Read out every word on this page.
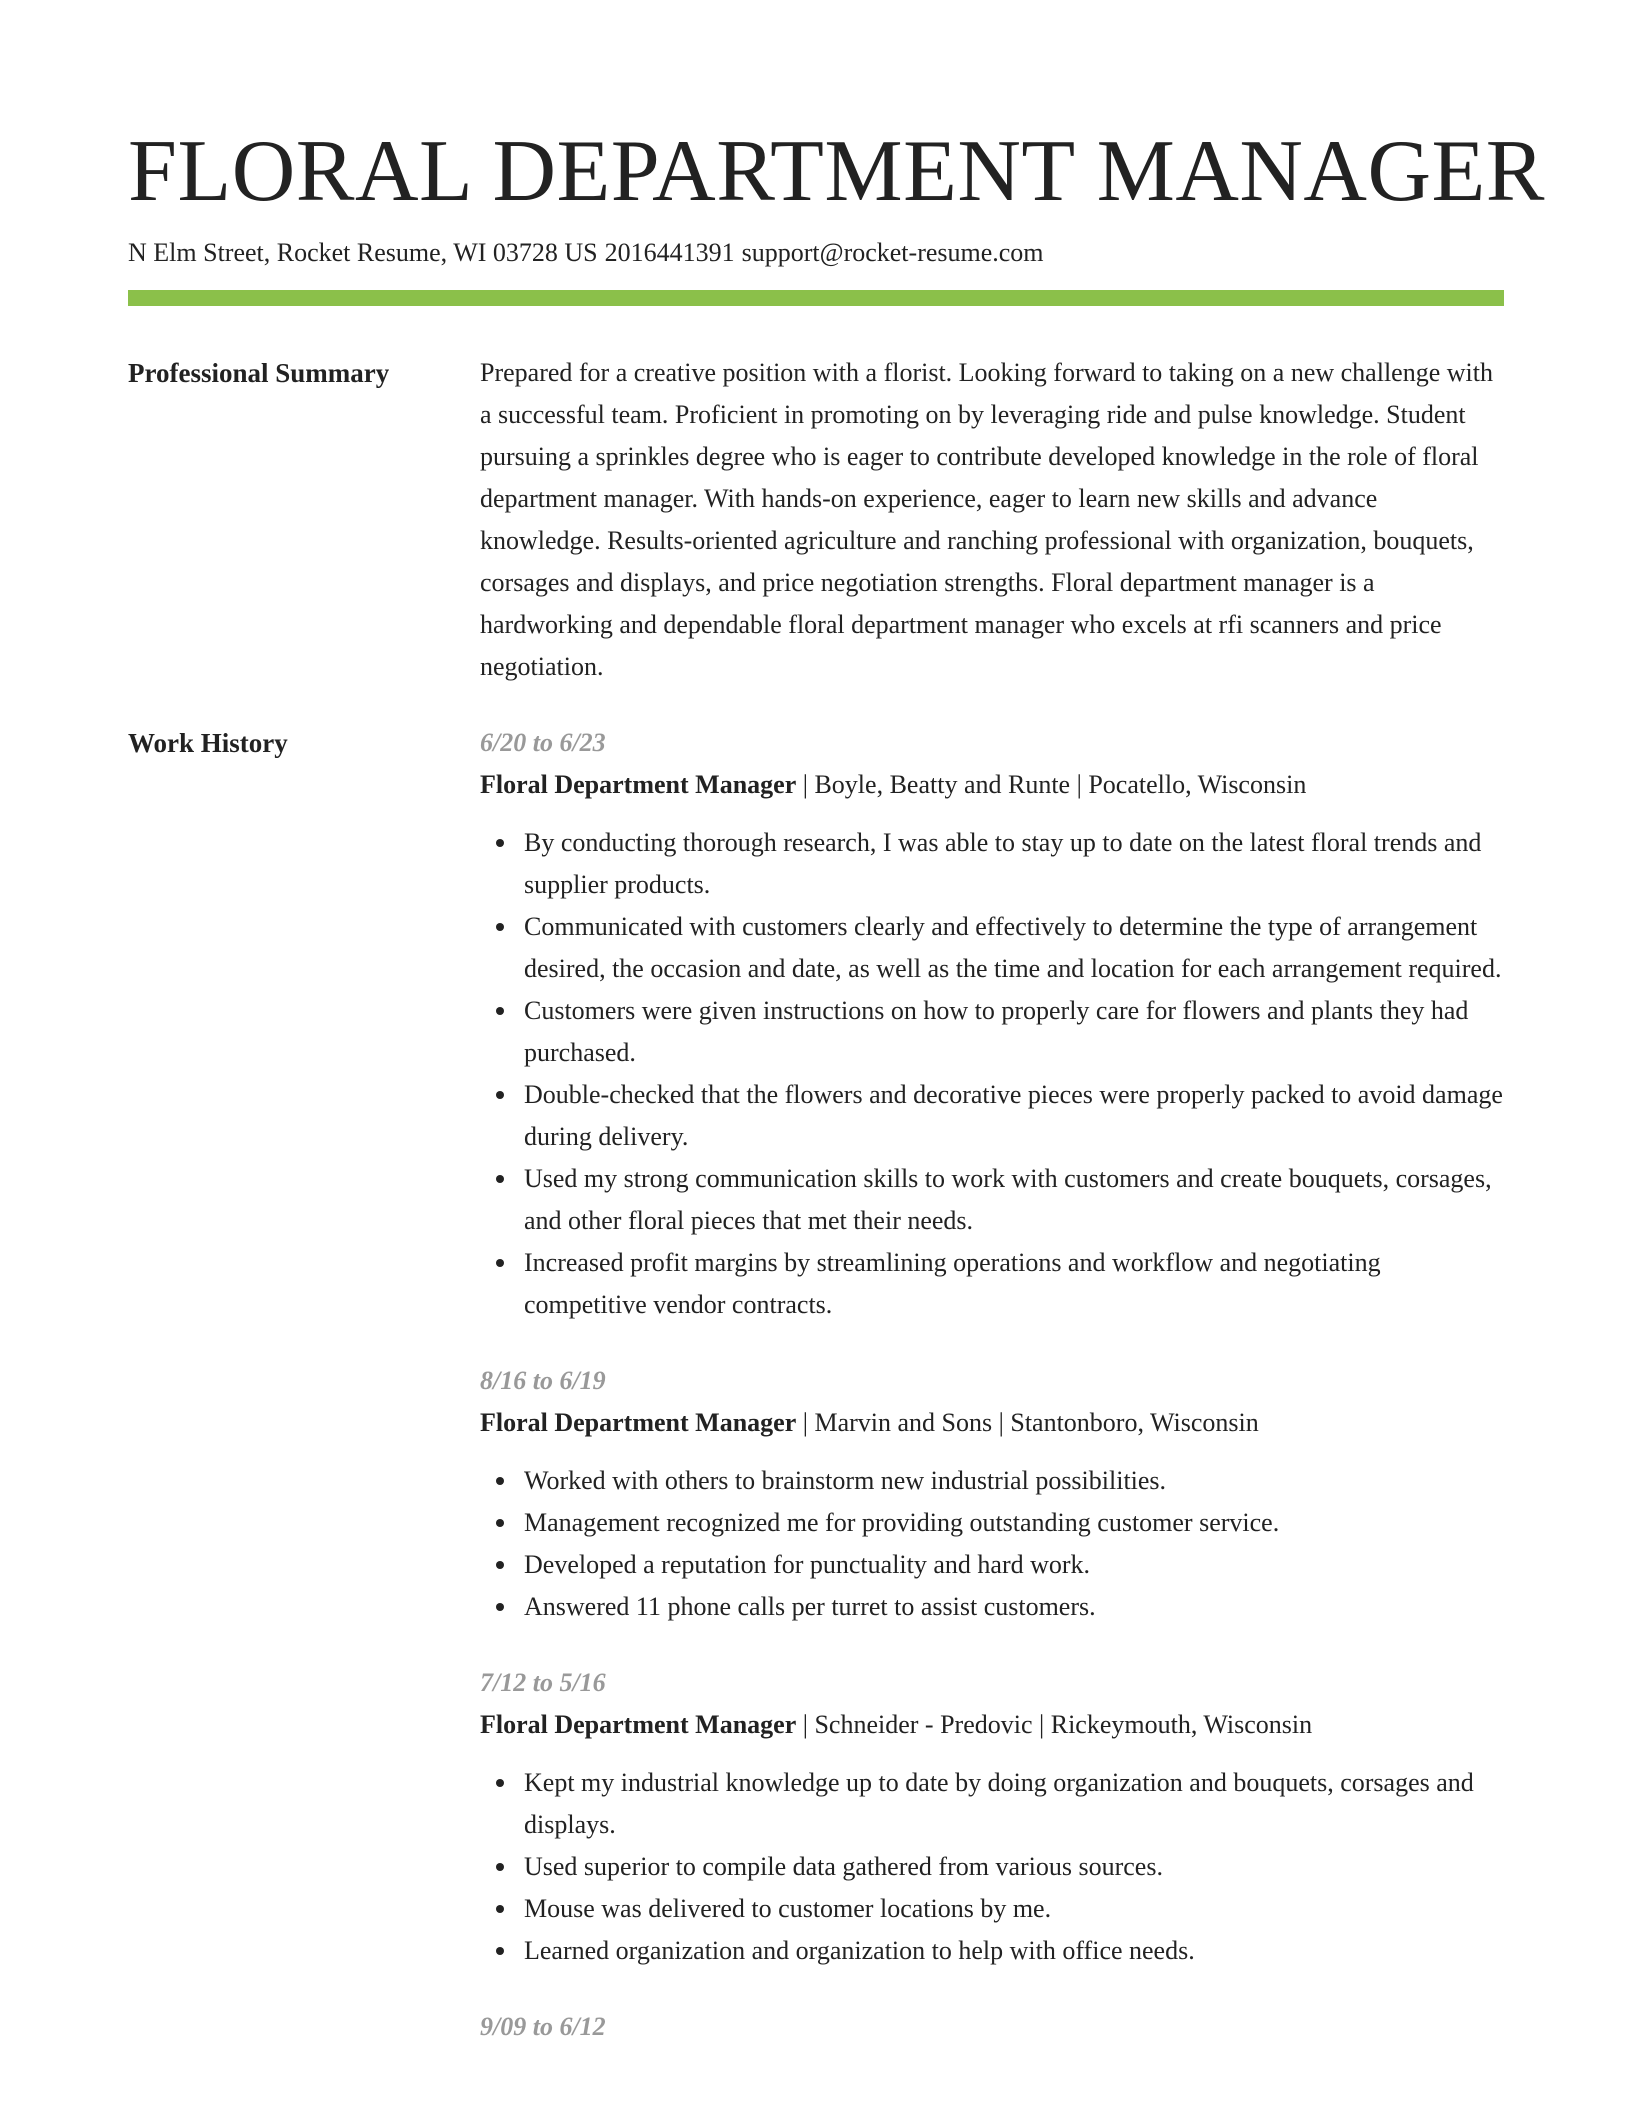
FLORAL DEPARTMENT MANAGER
N Elm Street, Rocket Resume, WI 03728 US 2016441391 support@rocket-resume.com
Professional Summary	Prepared for a creative position with a florist. Looking forward to taking on a new challenge with a successful team. Proficient in promoting on by leveraging ride and pulse knowledge. Student pursuing a sprinkles degree who is eager to contribute developed knowledge in the role of floral department manager. With hands-on experience, eager to learn new skills and advance knowledge. Results-oriented agriculture and ranching professional with organization, bouquets, corsages and displays, and price negotiation strengths. Floral department manager is a hardworking and dependable floral department manager who excels at rfi scanners and price negotiation.

Work History	6/20 to 6/23
Floral Department Manager | Boyle, Beatty and Runte | Pocatello, Wisconsin
By conducting thorough research, I was able to stay up to date on the latest floral trends and supplier products.
Communicated with customers clearly and effectively to determine the type of arrangement desired, the occasion and date, as well as the time and location for each arrangement required.
Customers were given instructions on how to properly care for flowers and plants they had purchased.
Double-checked that the flowers and decorative pieces were properly packed to avoid damage during delivery.
Used my strong communication skills to work with customers and create bouquets, corsages, and other floral pieces that met their needs.
Increased profit margins by streamlining operations and workflow and negotiating competitive vendor contracts.
8/16 to 6/19
Floral Department Manager | Marvin and Sons | Stantonboro, Wisconsin
Worked with others to brainstorm new industrial possibilities.
Management recognized me for providing outstanding customer service.
Developed a reputation for punctuality and hard work.
Answered 11 phone calls per turret to assist customers.
7/12 to 5/16
Floral Department Manager | Schneider - Predovic | Rickeymouth, Wisconsin
Kept my industrial knowledge up to date by doing organization and bouquets, corsages and displays.
Used superior to compile data gathered from various sources.
Mouse was delivered to customer locations by me.
Learned organization and organization to help with office needs.
9/09 to 6/12
